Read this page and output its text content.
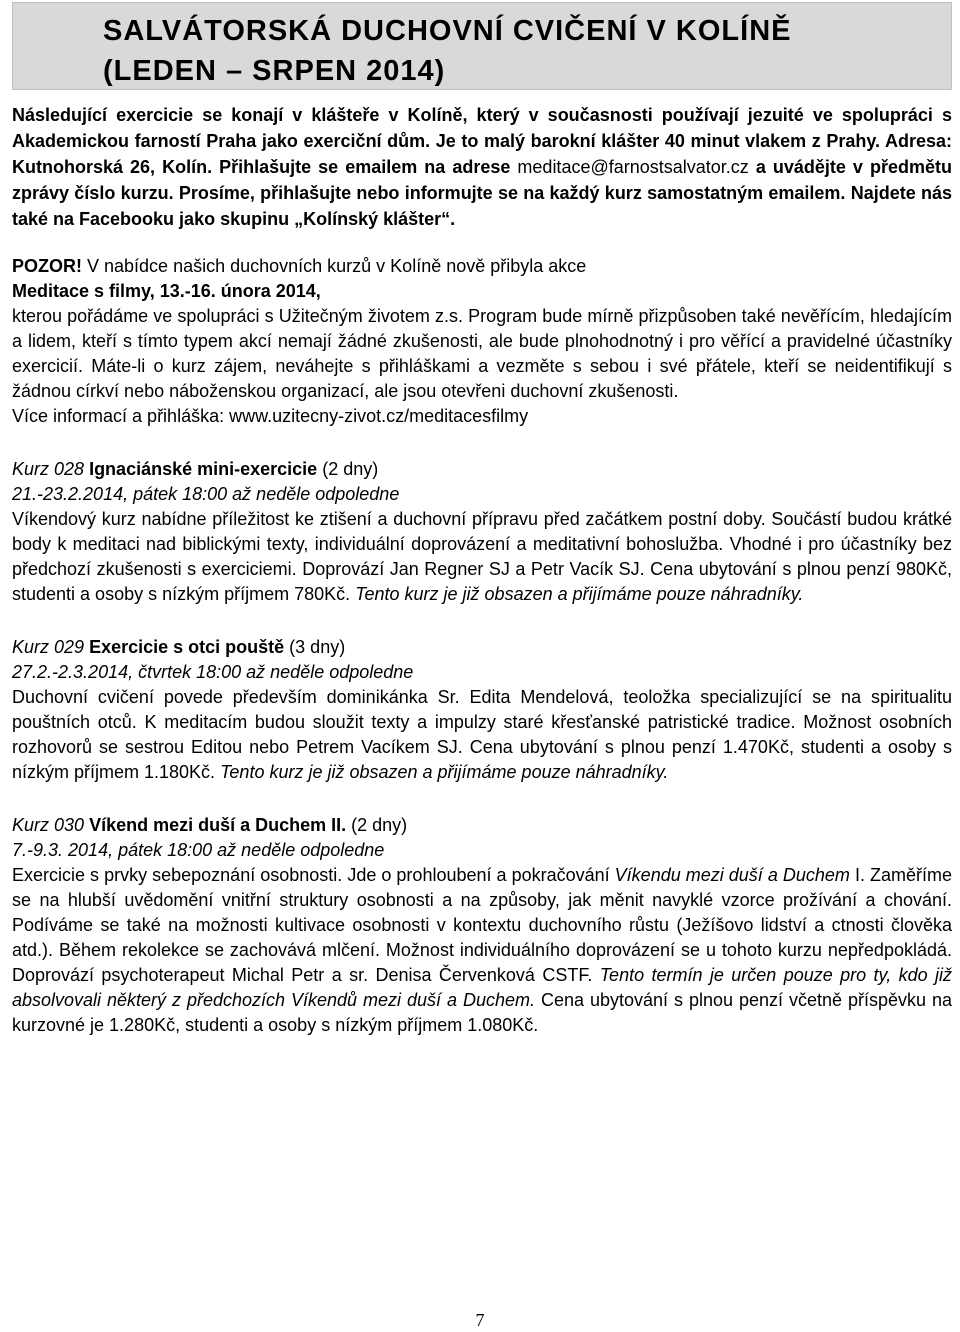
SALVÁTORSKÁ DUCHOVNÍ CVIČENÍ V KOLÍNĚ
(LEDEN – SRPEN 2014)

Následující exercicie se konají v klášteře v Kolíně, který v současnosti používají jezuité ve spolupráci s Akademickou farností Praha jako exerciční dům. Je to malý barokní klášter 40 minut vlakem z Prahy. Adresa: Kutnohorská 26, Kolín. Přihlašujte se emailem na adrese meditace@farnostsalvator.cz a uvádějte v předmětu zprávy číslo kurzu. Prosíme, přihlašujte nebo informujte se na každý kurz samostatným emailem. Najdete nás také na Facebooku jako skupinu „Kolínský klášter“.

POZOR! V nabídce našich duchovních kurzů v Kolíně nově přibyla akce

Meditace s filmy, 13.-16. února 2014,

kterou pořádáme ve spolupráci s Užitečným životem z.s. Program bude mírně přizpůsoben také nevěřícím, hledajícím a lidem, kteří s tímto typem akcí nemají žádné zkušenosti, ale bude plnohodnotný i pro věřící a pravidelné účastníky exercicií. Máte-li o kurz zájem, neváhejte s přihláškami a vezměte s sebou i své přátele, kteří se neidentifikují s žádnou církví nebo náboženskou organizací, ale jsou otevřeni duchovní zkušenosti.

Více informací a přihláška: www.uzitecny-zivot.cz/meditacesfilmy

Kurz 028 Ignaciánské mini-exercicie (2 dny)

21.-23.2.2014, pátek 18:00 až neděle odpoledne

Víkendový kurz nabídne příležitost ke ztišení a duchovní přípravu před začátkem postní doby. Součástí budou krátké body k meditaci nad biblickými texty, individuální doprovázení a meditativní bohoslužba. Vhodné i pro účastníky bez předchozí zkušenosti s exerciciemi. Doprovází Jan Regner SJ a Petr Vacík SJ. Cena ubytování s plnou penzí 980Kč, studenti a osoby s nízkým příjmem 780Kč. Tento kurz je již obsazen a přijímáme pouze náhradníky.

Kurz 029 Exercicie s otci pouště (3 dny)

27.2.-2.3.2014, čtvrtek 18:00 až neděle odpoledne

Duchovní cvičení povede především dominikánka Sr. Edita Mendelová, teoložka specializující se na spiritualitu pouštních otců. K meditacím budou sloužit texty a impulzy staré křesťanské patristické tradice. Možnost osobních rozhovorů se sestrou Editou nebo Petrem Vacíkem SJ. Cena ubytování s plnou penzí 1.470Kč, studenti a osoby s nízkým příjmem 1.180Kč. Tento kurz je již obsazen a přijímáme pouze náhradníky.

Kurz 030 Víkend mezi duší a Duchem II. (2 dny)

7.-9.3. 2014, pátek 18:00 až neděle odpoledne

Exercicie s prvky sebepoznání osobnosti. Jde o prohloubení a pokračování Víkendu mezi duší a Duchem I. Zaměříme se na hlubší uvědomění vnitřní struktury osobnosti a na způsoby, jak měnit navyklé vzorce prožívání a chování. Podíváme se také na možnosti kultivace osobnosti v kontextu duchovního růstu (Ježíšovo lidství a ctnosti člověka atd.). Během rekolekce se zachovává mlčení. Možnost individuálního doprovázení se u tohoto kurzu nepředpokládá. Doprovází psychoterapeut Michal Petr a sr. Denisa Červenková CSTF. Tento termín je určen pouze pro ty, kdo již absolvovali některý z předchozích Víkendů mezi duší a Duchem. Cena ubytování s plnou penzí včetně příspěvku na kurzovné je 1.280Kč, studenti a osoby s nízkým příjmem 1.080Kč.

7
